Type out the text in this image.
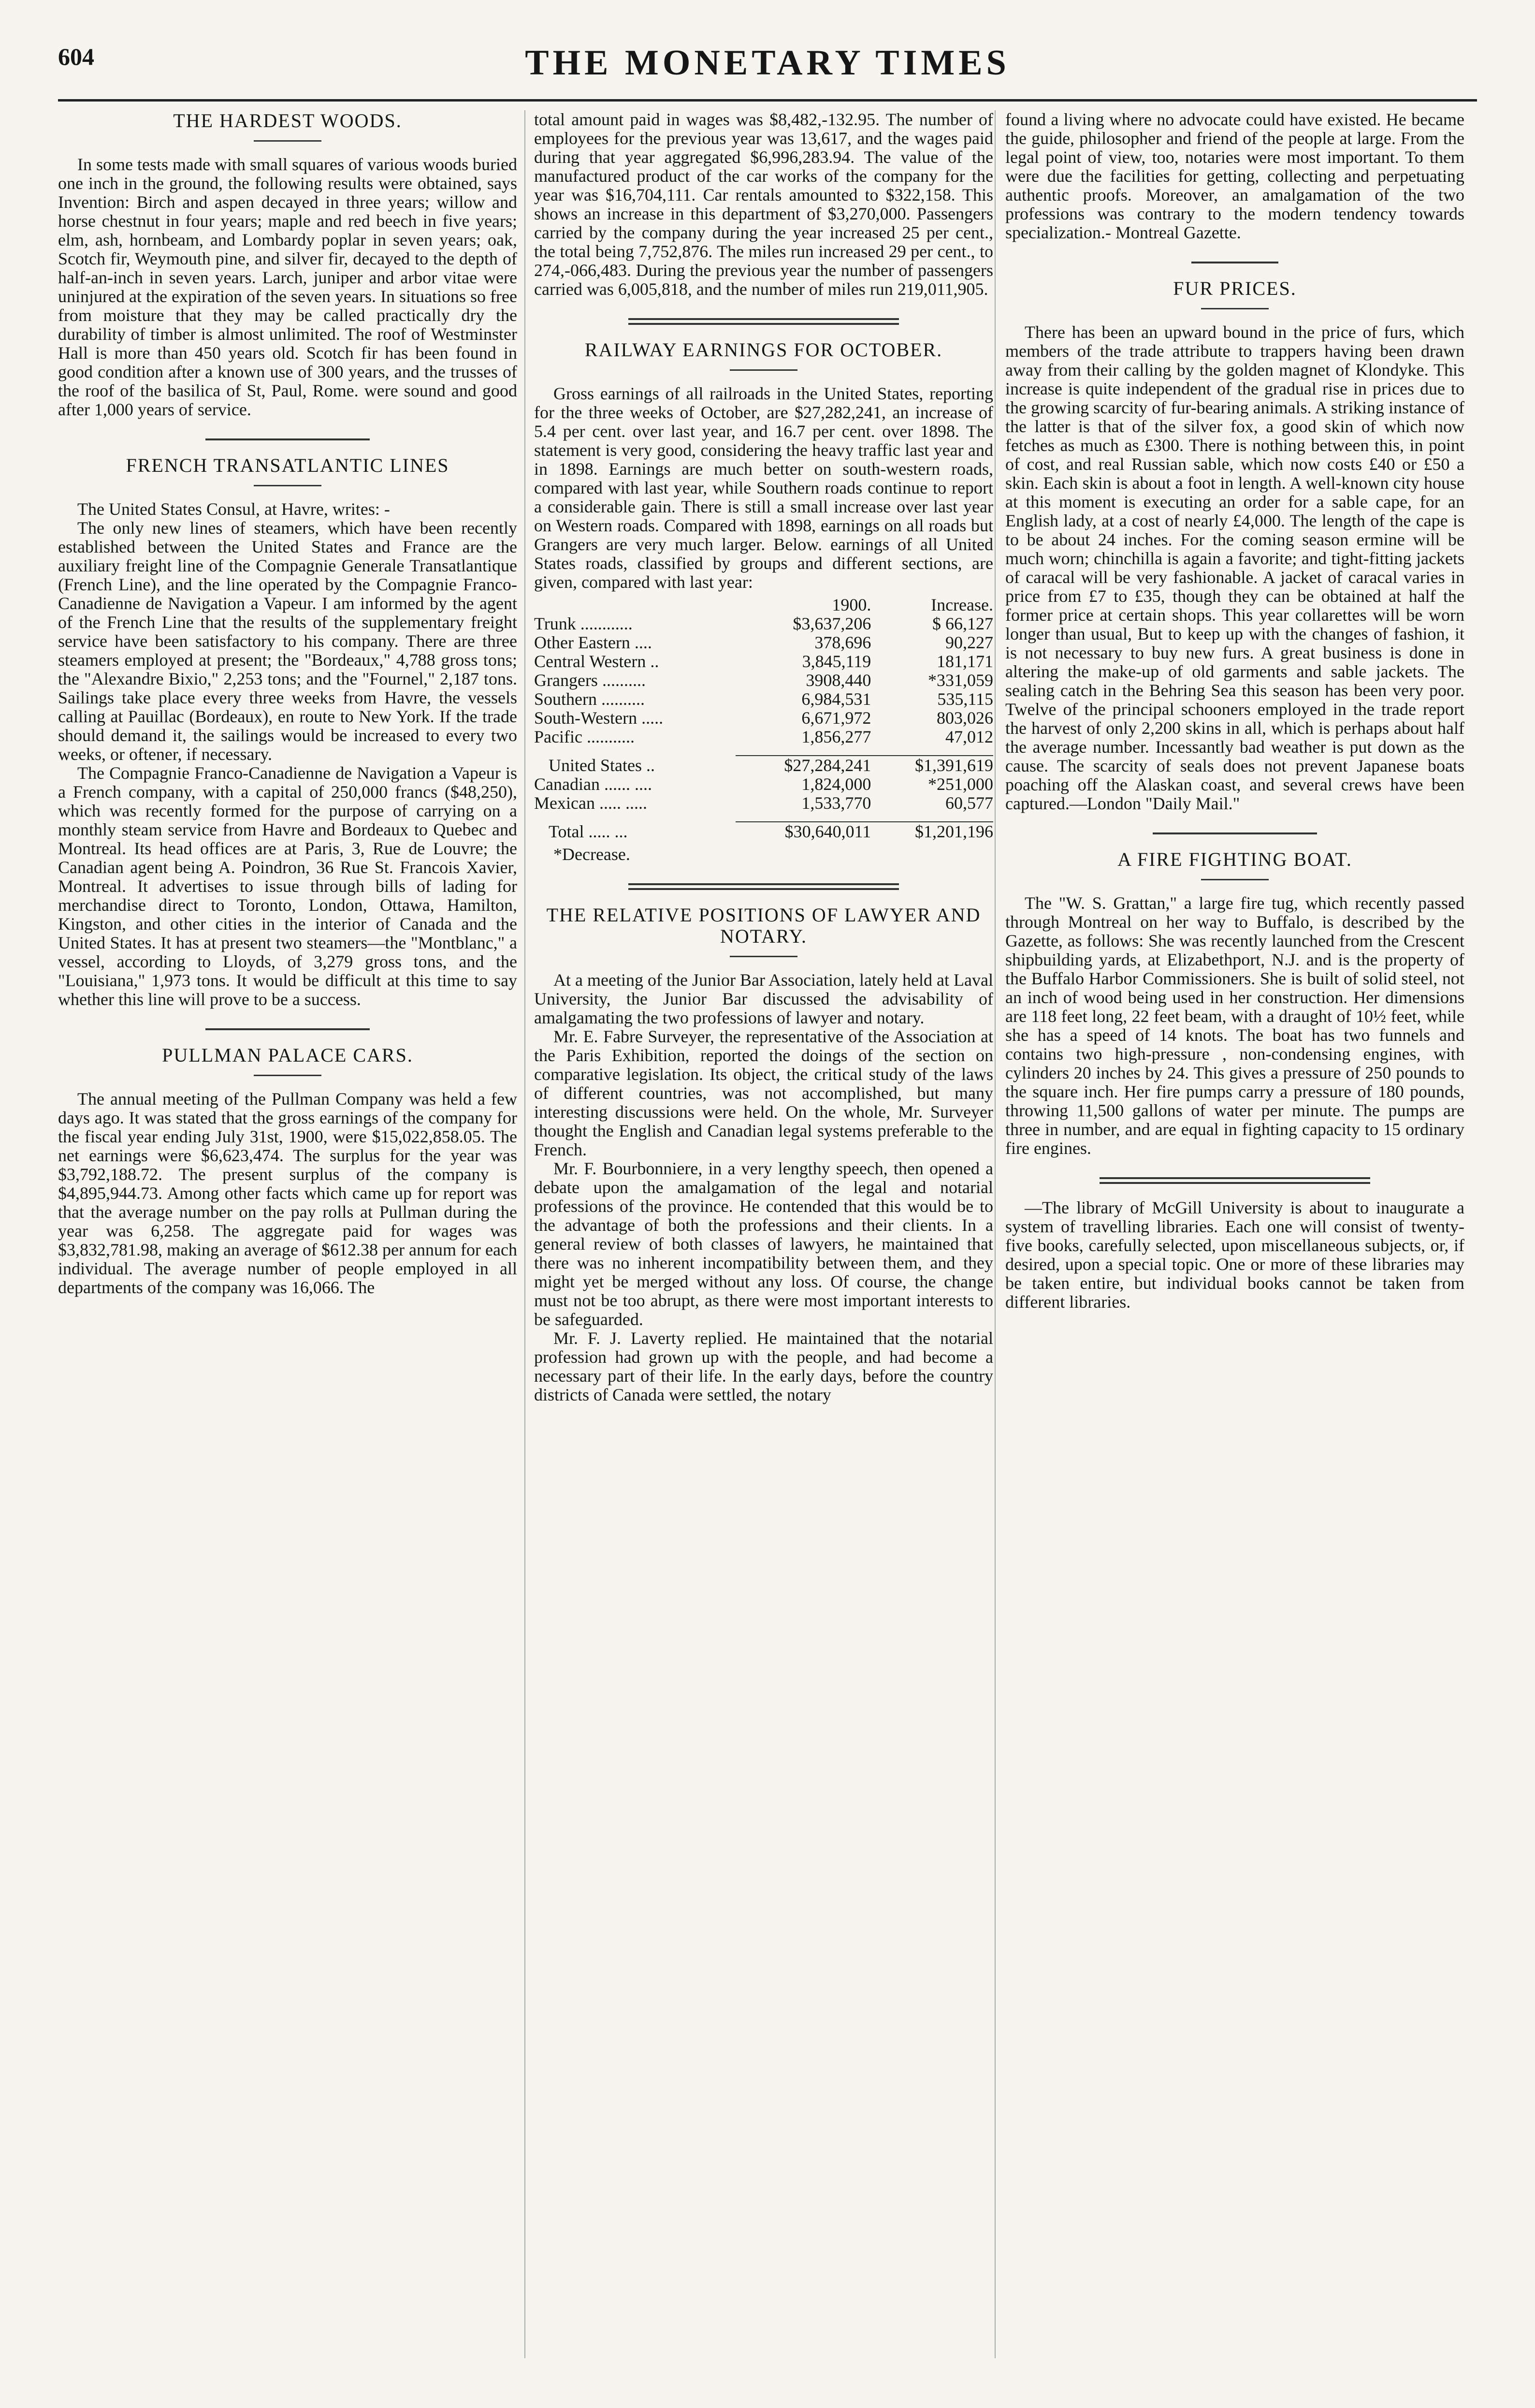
604	THE MONETARY TIMES
THE HARDEST WOODS.

In some tests made with small squares of various woods buried one inch in the ground, the following results were obtained, says Invention: Birch and aspen decayed in three years; willow and horse chestnut in four years; maple and red beech in five years; elm, ash, hornbeam, and Lombardy poplar in seven years; oak, Scotch fir, Weymouth pine, and silver fir, decayed to the depth of half-an-inch in seven years. Larch, juniper and arbor vitae were uninjured at the expiration of the seven years. In situations so free from moisture that they may be called practically dry the durability of timber is almost unlimited. The roof of Westminster Hall is more than 450 years old. Scotch fir has been found in good condition after a known use of 300 years, and the trusses of the roof of the basilica of St, Paul, Rome. were sound and good after 1,000 years of service.

FRENCH TRANSATLANTIC LINES

The United States Consul, at Havre, writes: -

The only new lines of steamers, which have been recently established between the United States and France are the auxiliary freight line of the Compagnie Generale Transatlantique (French Line), and the line operated by the Compagnie Franco-Canadienne de Navigation a Vapeur. I am informed by the agent of the French Line that the results of the supplementary freight service have been satisfactory to his company. There are three steamers employed at present; the "Bordeaux," 4,788 gross tons; the "Alexandre Bixio," 2,253 tons; and the "Fournel," 2,187 tons. Sailings take place every three weeks from Havre, the vessels calling at Pauillac (Bordeaux), en route to New York. If the trade should demand it, the sailings would be increased to every two weeks, or oftener, if necessary.

The Compagnie Franco-Canadienne de Navigation a Vapeur is a French company, with a capital of 250,000 francs ($48,250), which was recently formed for the purpose of carrying on a monthly steam service from Havre and Bordeaux to Quebec and Montreal. Its head offices are at Paris, 3, Rue de Louvre; the Canadian agent being A. Poindron, 36 Rue St. Francois Xavier, Montreal. It advertises to issue through bills of lading for merchandise direct to Toronto, London, Ottawa, Hamilton, Kingston, and other cities in the interior of Canada and the United States. It has at present two steamers—the "Montblanc," a vessel, according to Lloyds, of 3,279 gross tons, and the "Louisiana," 1,973 tons. It would be difficult at this time to say whether this line will prove to be a success.

PULLMAN PALACE CARS.

The annual meeting of the Pullman Company was held a few days ago. It was stated that the gross earnings of the company for the fiscal year ending July 31st, 1900, were $15,022,858.05. The net earnings were $6,623,474. The surplus for the year was $3,792,188.72. The present surplus of the company is $4,895,944.73. Among other facts which came up for report was that the average number on the pay rolls at Pullman during the year was 6,258. The aggregate paid for wages was $3,832,781.98, making an average of $612.38 per annum for each individual. The average number of people employed in all departments of the company was 16,066. The

total amount paid in wages was $8,482,-132.95. The number of employees for the previous year was 13,617, and the wages paid during that year aggregated $6,996,283.94. The value of the manufactured product of the car works of the company for the year was $16,704,111. Car rentals amounted to $322,158. This shows an increase in this department of $3,270,000. Passengers carried by the company during the year increased 25 per cent., the total being 7,752,876. The miles run increased 29 per cent., to 274,-066,483. During the previous year the number of passengers carried was 6,005,818, and the number of miles run 219,011,905.

RAILWAY EARNINGS FOR OCTOBER.

Gross earnings of all railroads in the United States, reporting for the three weeks of October, are $27,282,241, an increase of 5.4 per cent. over last year, and 16.7 per cent. over 1898. The statement is very good, considering the heavy traffic last year and in 1898. Earnings are much better on south-western roads, compared with last year, while Southern roads continue to report a considerable gain. There is still a small increase over last year on Western roads. Compared with 1898, earnings on all roads but Grangers are very much larger. Below. earnings of all United States roads, classified by groups and different sections, are given, compared with last year:

	1900.	Increase.
Trunk ............	$3,637,206	$ 66,127
Other Eastern ....	378,696	90,227
Central Western ..	3,845,119	181,171
Grangers ..........	3908,440	*331,059
Southern ..........	6,984,531	535,115
South-Western .....	6,671,972	803,026
Pacific ...........	1,856,277	47,012

United States ..	$27,284,241	$1,391,619
Canadian ...... ....	1,824,000	*251,000
Mexican ..... .....	1,533,770	60,577

Total ..... ...	$30,640,011	$1,201,196

*Decrease.

THE RELATIVE POSITIONS OF LAWYER AND NOTARY.

At a meeting of the Junior Bar Association, lately held at Laval University, the Junior Bar discussed the advisability of amalgamating the two professions of lawyer and notary.

Mr. E. Fabre Surveyer, the representative of the Association at the Paris Exhibition, reported the doings of the section on comparative legislation. Its object, the critical study of the laws of different countries, was not accomplished, but many interesting discussions were held. On the whole, Mr. Surveyer thought the English and Canadian legal systems preferable to the French.

Mr. F. Bourbonniere, in a very lengthy speech, then opened a debate upon the amalgamation of the legal and notarial professions of the province. He contended that this would be to the advantage of both the professions and their clients. In a general review of both classes of lawyers, he maintained that there was no inherent incompatibility between them, and they might yet be merged without any loss. Of course, the change must not be too abrupt, as there were most important interests to be safeguarded.

Mr. F. J. Laverty replied. He maintained that the notarial profession had grown up with the people, and had become a necessary part of their life. In the early days, before the country districts of Canada were settled, the notary

found a living where no advocate could have existed. He became the guide, philosopher and friend of the people at large. From the legal point of view, too, notaries were most important. To them were due the facilities for getting, collecting and perpetuating authentic proofs. Moreover, an amalgamation of the two professions was contrary to the modern tendency towards specialization.- Montreal Gazette.

FUR PRICES.

There has been an upward bound in the price of furs, which members of the trade attribute to trappers having been drawn away from their calling by the golden magnet of Klondyke. This increase is quite independent of the gradual rise in prices due to the growing scarcity of fur-bearing animals. A striking instance of the latter is that of the silver fox, a good skin of which now fetches as much as £300. There is nothing between this, in point of cost, and real Russian sable, which now costs £40 or £50 a skin. Each skin is about a foot in length. A well-known city house at this moment is executing an order for a sable cape, for an English lady, at a cost of nearly £4,000. The length of the cape is to be about 24 inches. For the coming season ermine will be much worn; chinchilla is again a favorite; and tight-fitting jackets of caracal will be very fashionable. A jacket of caracal varies in price from £7 to £35, though they can be obtained at half the former price at certain shops. This year collarettes will be worn longer than usual, But to keep up with the changes of fashion, it is not necessary to buy new furs. A great business is done in altering the make-up of old garments and sable jackets. The sealing catch in the Behring Sea this season has been very poor. Twelve of the principal schooners employed in the trade report the harvest of only 2,200 skins in all, which is perhaps about half the average number. Incessantly bad weather is put down as the cause. The scarcity of seals does not prevent Japanese boats poaching off the Alaskan coast, and several crews have been captured.—London "Daily Mail."

A FIRE FIGHTING BOAT.

The "W. S. Grattan," a large fire tug, which recently passed through Montreal on her way to Buffalo, is described by the Gazette, as follows: She was recently launched from the Crescent shipbuilding yards, at Elizabethport, N.J. and is the property of the Buffalo Harbor Commissioners. She is built of solid steel, not an inch of wood being used in her construction. Her dimensions are 118 feet long, 22 feet beam, with a draught of 10½ feet, while she has a speed of 14 knots. The boat has two funnels and contains two high-pressure , non-condensing engines, with cylinders 20 inches by 24. This gives a pressure of 250 pounds to the square inch. Her fire pumps carry a pressure of 180 pounds, throwing 11,500 gallons of water per minute. The pumps are three in number, and are equal in fighting capacity to 15 ordinary fire engines.

—The library of McGill University is about to inaugurate a system of travelling libraries. Each one will consist of twenty-five books, carefully selected, upon miscellaneous subjects, or, if desired, upon a special topic. One or more of these libraries may be taken entire, but individual books cannot be taken from different libraries.
